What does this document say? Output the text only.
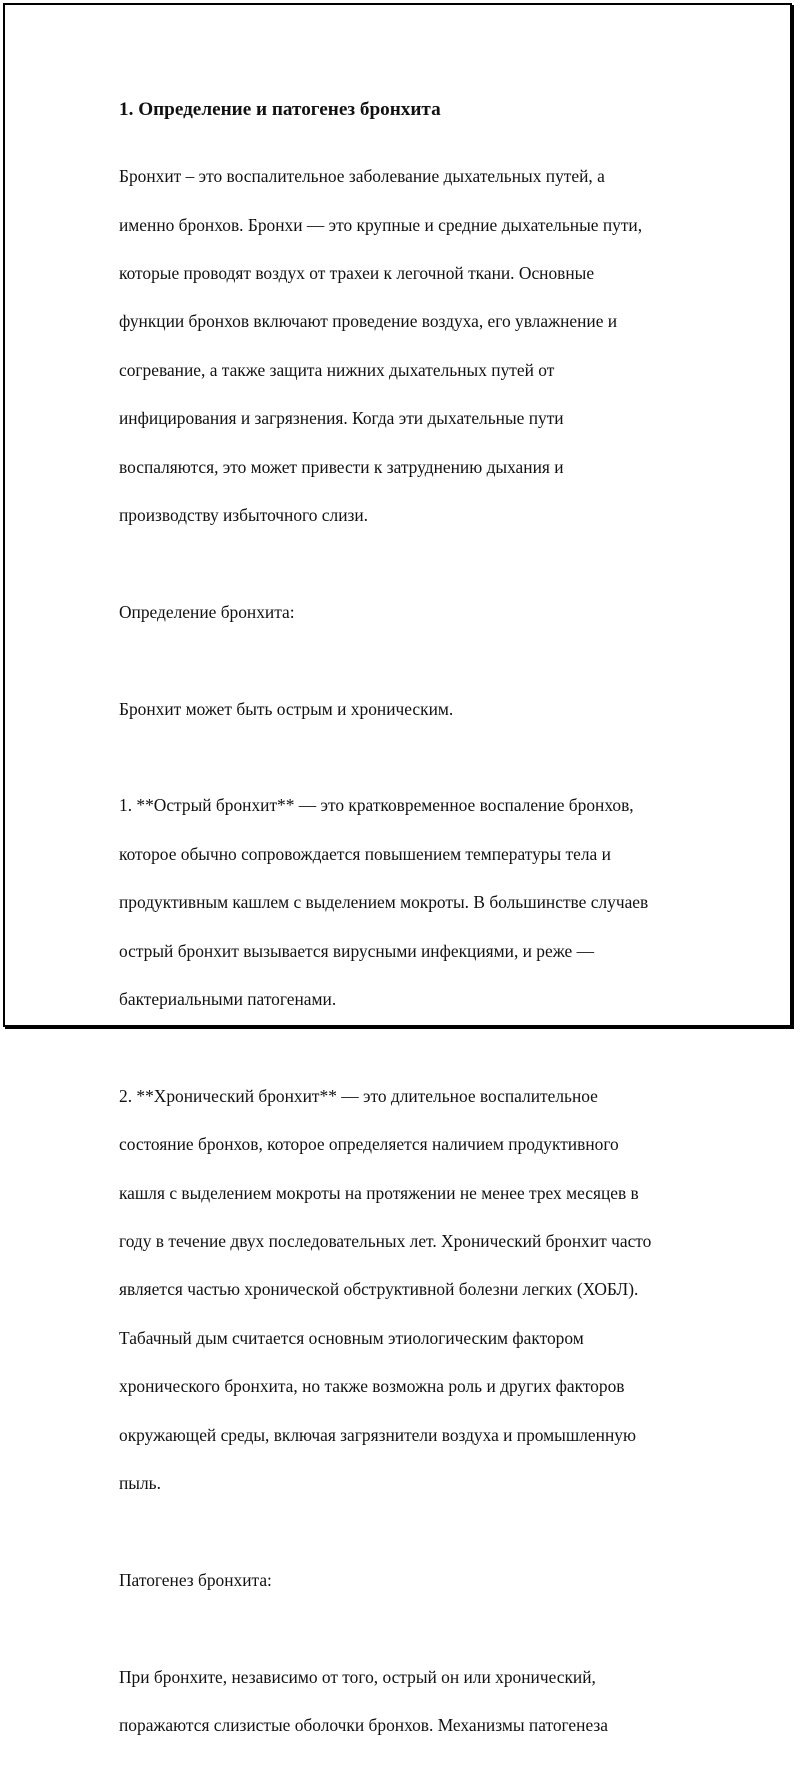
1. Определение и патогенез бронхита

Бронхит – это воспалительное заболевание дыхательных путей, а

именно бронхов. Бронхи — это крупные и средние дыхательные пути,

которые проводят воздух от трахеи к легочной ткани. Основные

функции бронхов включают проведение воздуха, его увлажнение и

согревание, а также защита нижних дыхательных путей от

инфицирования и загрязнения. Когда эти дыхательные пути

воспаляются, это может привести к затруднению дыхания и

производству избыточного слизи.

Определение бронхита:

Бронхит может быть острым и хроническим.

1. **Острый бронхит** — это кратковременное воспаление бронхов,

которое обычно сопровождается повышением температуры тела и

продуктивным кашлем с выделением мокроты. В большинстве случаев

острый бронхит вызывается вирусными инфекциями, и реже —

бактериальными патогенами.

2. **Хронический бронхит** — это длительное воспалительное

состояние бронхов, которое определяется наличием продуктивного

кашля с выделением мокроты на протяжении не менее трех месяцев в

году в течение двух последовательных лет. Хронический бронхит часто

является частью хронической обструктивной болезни легких (ХОБЛ).

Табачный дым считается основным этиологическим фактором

хронического бронхита, но также возможна роль и других факторов

окружающей среды, включая загрязнители воздуха и промышленную

пыль.

Патогенез бронхита:

При бронхите, независимо от того, острый он или хронический,

поражаются слизистые оболочки бронхов. Механизмы патогенеза
